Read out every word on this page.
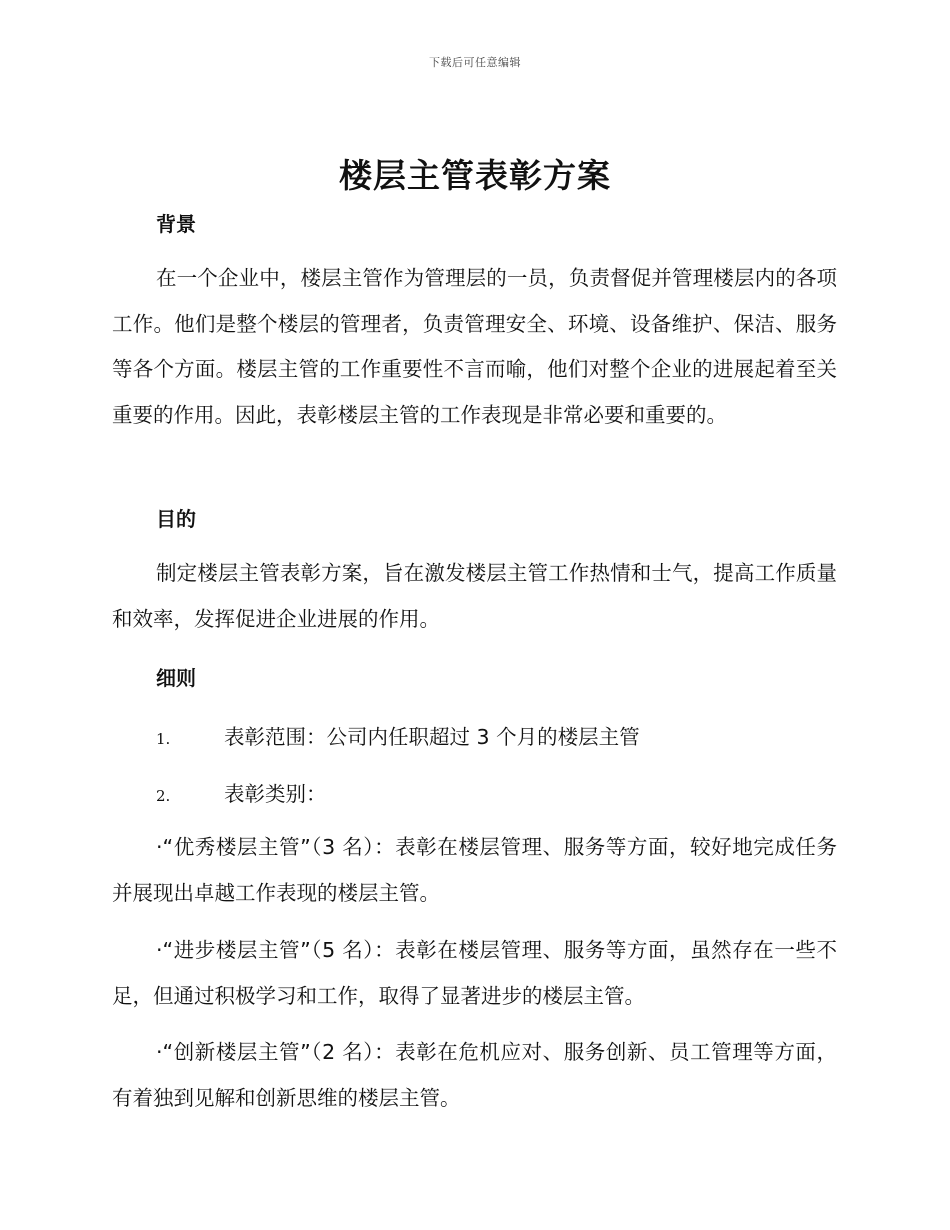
下载后可任意编辑
楼层主管表彰方案
背景
在一个企业中，楼层主管作为管理层的一员，负责督促并管理楼层内的各项工作。他们是整个楼层的管理者，负责管理安全、环境、设备维护、保洁、服务等各个方面。楼层主管的工作重要性不言而喻，他们对整个企业的进展起着至关重要的作用。因此，表彰楼层主管的工作表现是非常必要和重要的。
目的
制定楼层主管表彰方案，旨在激发楼层主管工作热情和士气，提高工作质量和效率，发挥促进企业进展的作用。
细则
1.	表彰范围：公司内任职超过 3 个月的楼层主管
2.	表彰类别：
·“优秀楼层主管”（3 名）：表彰在楼层管理、服务等方面，较好地完成任务并展现出卓越工作表现的楼层主管。
·“进步楼层主管”（5 名）：表彰在楼层管理、服务等方面，虽然存在一些不足，但通过积极学习和工作，取得了显著进步的楼层主管。
·“创新楼层主管”（2 名）：表彰在危机应对、服务创新、员工管理等方面，有着独到见解和创新思维的楼层主管。
